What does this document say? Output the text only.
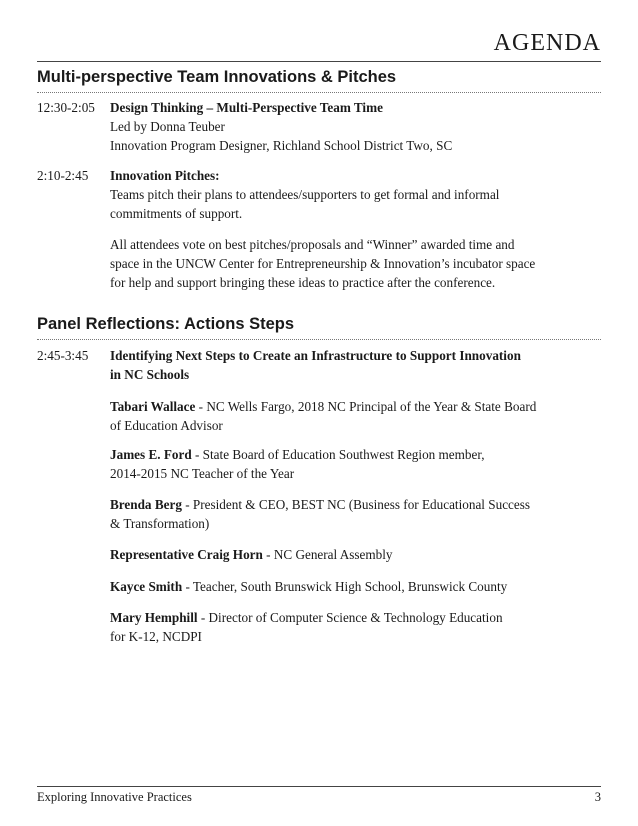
AGENDA
Multi-perspective Team Innovations & Pitches
12:30-2:05 Design Thinking – Multi-Perspective Team Time
Led by Donna Teuber
Innovation Program Designer, Richland School District Two, SC
2:10-2:45 Innovation Pitches:
Teams pitch their plans to attendees/supporters to get formal and informal
commitments of support.
All attendees vote on best pitches/proposals and “Winner” awarded time and
space in the UNCW Center for Entrepreneurship & Innovation’s incubator space
for help and support bringing these ideas to practice after the conference.
Panel Reflections: Actions Steps
2:45-3:45 Identifying Next Steps to Create an Infrastructure to Support Innovation
in NC Schools
Tabari Wallace - NC Wells Fargo, 2018 NC Principal of the Year & State Board
of Education Advisor
James E. Ford - State Board of Education Southwest Region member,
2014-2015 NC Teacher of the Year
Brenda Berg - President & CEO, BEST NC (Business for Educational Success
& Transformation)
Representative Craig Horn - NC General Assembly
Kayce Smith - Teacher, South Brunswick High School, Brunswick County
Mary Hemphill - Director of Computer Science & Technology Education
for K-12, NCDPI
Exploring Innovative Practices	3
